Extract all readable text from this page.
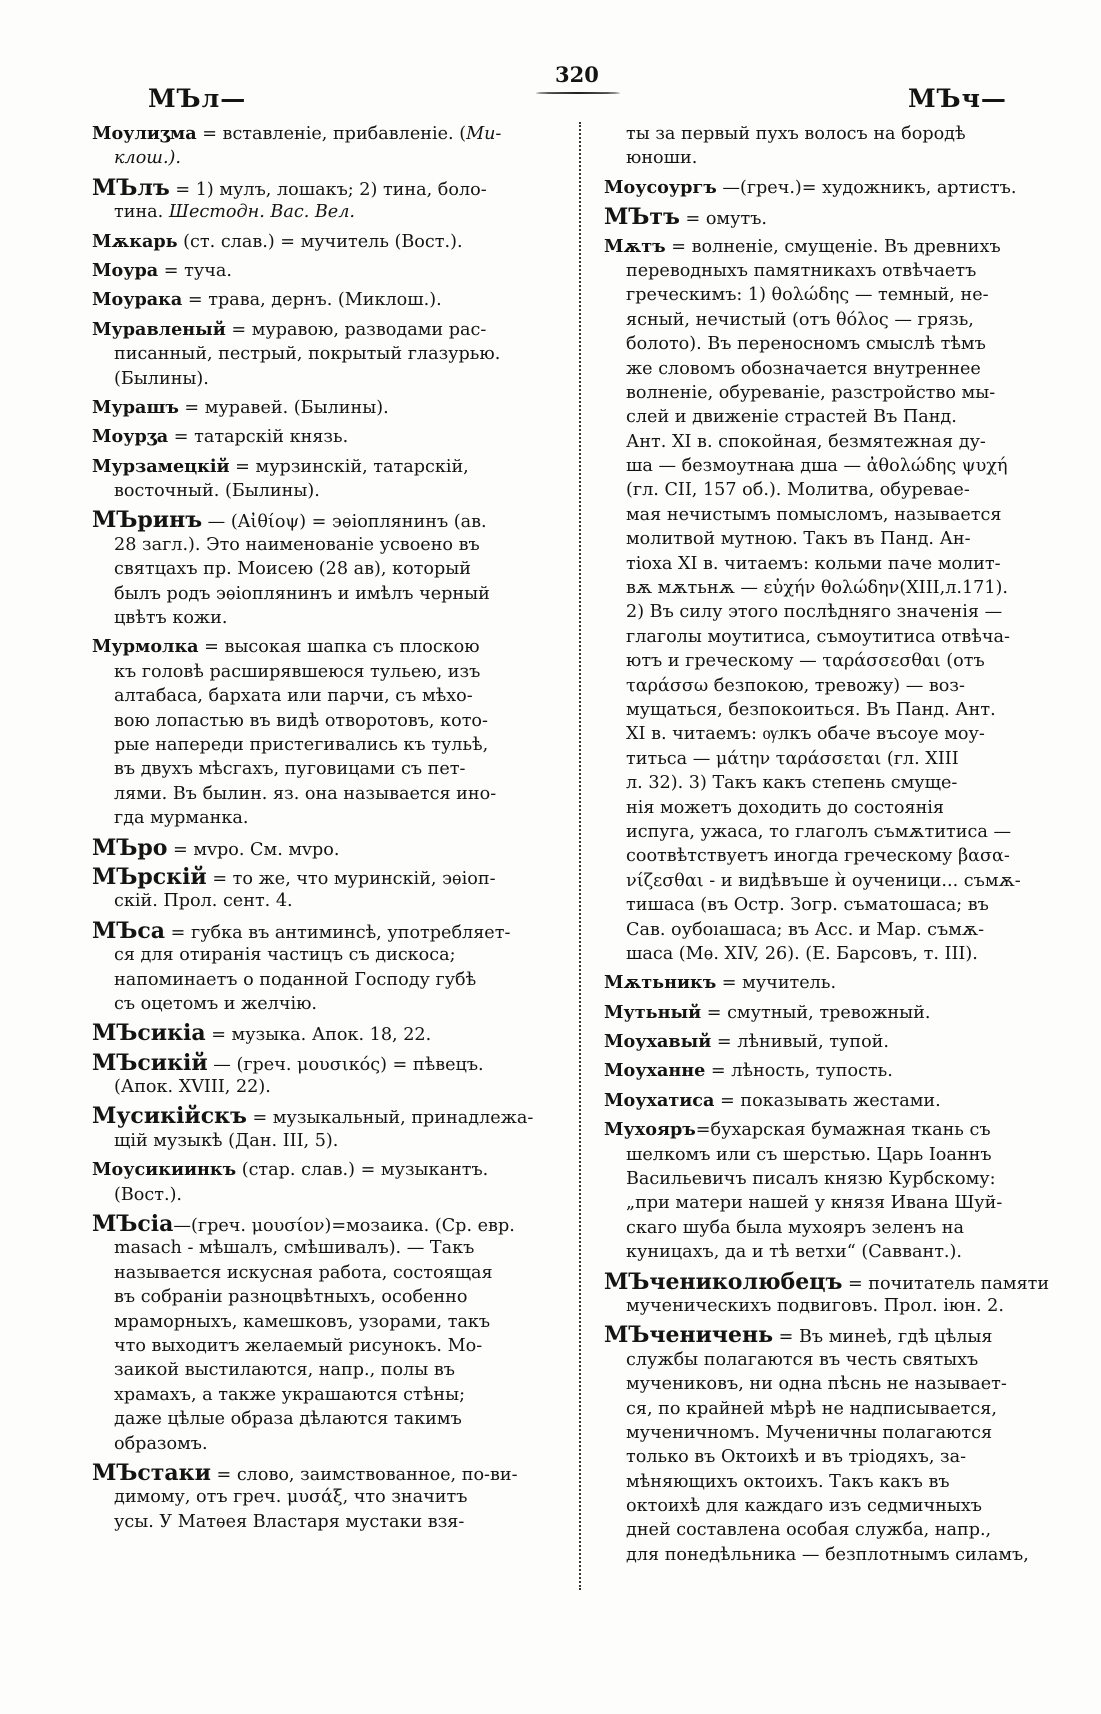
320
МЪл—	МЪч—
Моулиӡма = вставленіе, прибавленіе. (Ми-
клош.).
МЪлъ = 1) мулъ, лошакъ; 2) тина, боло-
тина. Шестодн. Вас. Вел.
Мѫкарь (ст. слав.) = мучитель (Вост.).
Моура = туча.
Моурака = трава, дернъ. (Миклош.).
Муравленый = муравою, разводами рас-
писанный, пестрый, покрытый глазурью.
(Былины).
Мурашъ = муравей. (Былины).
Моурӡа = татарскій князь.
Мурзамецкій = мурзинскій, татарскій,
восточный. (Былины).
МЪринъ — (Αἰθίοψ) = эѳіоплянинъ (ав.
28 загл.). Это наименованіе усвоено въ
святцахъ пр. Моисею (28 ав), который
былъ родъ эѳіоплянинъ и имѣлъ черный
цвѣтъ кожи.
Мурмолка = высокая шапка съ плоскою
къ головѣ расширявшеюся тульею, изъ
алтабаса, бархата или парчи, съ мѣхо-
вою лопастью въ видѣ отворотовъ, кото-
рые напереди пристегивались къ тульѣ,
въ двухъ мѣсгахъ, пуговицами съ пет-
лями. Въ былин. яз. она называется ино-
гда мурманка.
МЪро = мvро. См. мvро.
МЪрскій = то же, что муринскій, эѳіоп-
скій. Прол. сент. 4.
МЪса = губка въ антиминсѣ, употребляет-
ся для отиранія частицъ съ дискоса;
напоминаетъ о поданной Господу губѣ
съ оцетомъ и желчію.
МЪсикіа = музыка. Апок. 18, 22.
МЪсикій — (греч. μουσικός) = пѣвецъ.
(Апок. XVIII, 22).
Мусикійскъ = музыкальный, принадлежа-
щій музыкѣ (Дан. III, 5).
Моусикиинкъ (стар. слав.) = музыкантъ.
(Вост.).
МЪсіа—(греч. μουσίον)=мозаика. (Ср. евр.
masach - мѣшалъ, смѣшивалъ). — Такъ
называется искусная работа, состоящая
въ собраніи разноцвѣтныхъ, особенно
мраморныхъ, камешковъ, узорами, такъ
что выходитъ желаемый рисунокъ. Мо-
заикой выстилаются, напр., полы въ
храмахъ, а также украшаются стѣны;
даже цѣлые образа дѣлаются такимъ
образомъ.
МЪстаки = слово, заимствованное, по-ви-
димому, отъ греч. μυσάξ, что значитъ
усы. У Матѳея Властаря мустаки взя-
ты за первый пухъ волосъ на бородѣ
юноши.
Моусоургъ —(греч.)= художникъ, артистъ.
МЪтъ = омутъ.
Мѫтъ = волненіе, смущеніе. Въ древнихъ
переводныхъ памятникахъ отвѣчаетъ
греческимъ: 1) θολώδης — темный, не-
ясный, нечистый (отъ θόλος — грязь,
болото). Въ переносномъ смыслѣ тѣмъ
же словомъ обозначается внутреннее
волненіе, обуреваніе, разстройство мы-
слей и движеніе страстей Въ Панд.
Ант. XI в. спокойная, безмятежная ду-
ша — безмоутнаꙗ дша — ἀθολώδης ψυχή
(гл. CII, 157 об.). Молитва, обуревае-
мая нечистымъ помысломъ, называется
молитвой мутною. Такъ въ Панд. Ан-
тіоха XI в. читаемъ: кольми паче молит-
вѫ мѫтьнѫ — εὐχήν θολώδην(XIII,л.171).
2) Въ силу этого послѣдняго значенія —
глаголы моутитиса, съмоутитиса отвѣча-
ютъ и греческому — ταράσσεσθαι (отъ
ταράσσω безпокою, тревожу) — воз-
мущаться, безпокоиться. Въ Панд. Ант.
XI в. читаемъ: ѹлкъ обаче въсоуе моу-
титьса — μάτην ταράσσεται (гл. XIII
л. 32). 3) Такъ какъ степень смуще-
нія можетъ доходить до состоянія
испуга, ужаса, то глаголъ съмѫтитиса —
соотвѣтствуетъ иногда греческому βασα-
νίζεσθαι - и видѣвъше ѝ оученици... съмѫ-
тишаса (въ Остр. Зогр. съматошаса; въ
Сав. оубоıашаса; въ Асс. и Мар. съмѫ-
шаса (Мѳ. XIV, 26). (Е. Барсовъ, т. III).
Мѫтьникъ = мучитель.
Мутьный = смутный, тревожный.
Моухавый = лѣнивый, тупой.
Моуханне = лѣность, тупость.
Моухатиса = показывать жестами.
Мухояръ=бухарская бумажная ткань съ
шелкомъ или съ шерстью. Царь Іоаннъ
Васильевичъ писалъ князю Курбскому:
„при матери нашей у князя Ивана Шуй-
скаго шуба была мухояръ зеленъ на
куницахъ, да и тѣ ветхи“ (Саввант.).
МЪчениколюбецъ = почитатель памяти
мученическихъ подвиговъ. Прол. іюн. 2.
МЪченичень = Въ минеѣ, гдѣ цѣлыя
службы полагаются въ честь святыхъ
мучениковъ, ни одна пѣснь не называет-
ся, по крайней мѣрѣ не надписывается,
мученичномъ. Мученичны полагаются
только въ Октоихѣ и въ тріодяхъ, за-
мѣняющихъ октоихъ. Такъ какъ въ
октоихѣ для каждаго изъ седмичныхъ
дней составлена особая служба, напр.,
для понедѣльника — безплотнымъ силамъ,
